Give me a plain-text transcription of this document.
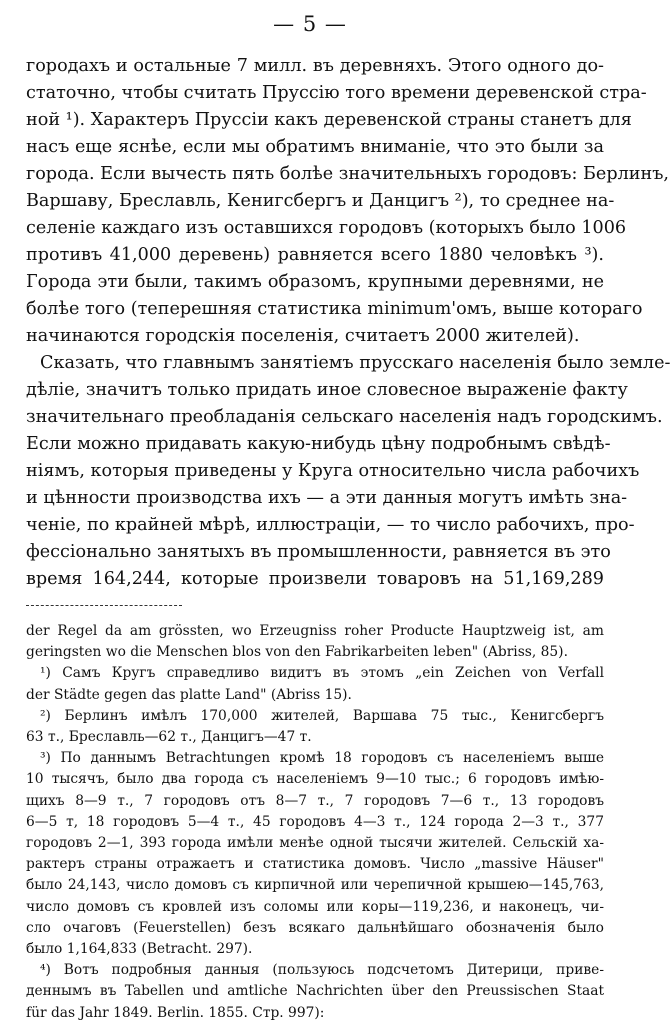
— 5 —
городахъ и остальные 7 милл. въ деревняхъ. Этого одного до-
статочно, чтобы считать Пруссію того времени деревенской стра-
ной ¹). Характеръ Пруссіи какъ деревенской страны станетъ для
насъ еще яснѣе, если мы обратимъ вниманіе, что это были за
города. Если вычесть пять болѣе значительныхъ городовъ: Берлинъ,
Варшаву, Бреславль, Кенигсбергъ и Данцигъ ²), то среднее на-
селеніе каждаго изъ оставшихся городовъ (которыхъ было 1006
противъ 41,000 деревень) равняется всего 1880 человѣкъ ³).
Города эти были, такимъ образомъ, крупными деревнями, не
болѣе того (теперешняя статистика minimum'омъ, выше котораго
начинаются городскія поселенія, считаетъ 2000 жителей).
Сказать, что главнымъ занятіемъ прусскаго населенія было земле-
дѣліе, значитъ только придать иное словесное выраженіе факту
значительнаго преобладанія сельскаго населенія надъ городскимъ.
Если можно придавать какую-нибудь цѣну подробнымъ свѣдѣ-
ніямъ, которыя приведены у Круга относительно числа рабочихъ
и цѣнности производства ихъ — а эти данныя могутъ имѣть зна-
ченіе, по крайней мѣрѣ, иллюстраціи, — то число рабочихъ, про-
фессіонально занятыхъ въ промышленности, равняется въ это
время 164,244, которые произвели товаровъ на 51,169,289
der Regel da am grössten, wo Erzeugniss roher Producte Hauptzweig ist, am
geringsten wo die Menschen blos von den Fabrikarbeiten leben" (Abriss, 85).
¹) Самъ Кругъ справедливо видитъ въ этомъ „ein Zeichen von Verfall
der Städte gegen das platte Land" (Abriss 15).
²) Берлинъ имѣлъ 170,000 жителей, Варшава 75 тыс., Кенигсбергъ
63 т., Бреславль—62 т., Данцигъ—47 т.
³) По даннымъ Betrachtungen кромѣ 18 городовъ съ населеніемъ выше
10 тысячъ, было два города съ населеніемъ 9—10 тыс.; 6 городовъ имѣю-
щихъ 8—9 т., 7 городовъ отъ 8—7 т., 7 городовъ 7—6 т., 13 городовъ
6—5 т, 18 городовъ 5—4 т., 45 городовъ 4—3 т., 124 города 2—3 т., 377
городовъ 2—1, 393 города имѣли менѣе одной тысячи жителей. Сельскій ха-
рактеръ страны отражаетъ и статистика домовъ. Число „massive Häuser"
было 24,143, число домовъ съ кирпичной или черепичной крышею—145,763,
число домовъ съ кровлей изъ соломы или коры—119,236, и наконецъ, чи-
сло очаговъ (Feuerstellen) безъ всякаго дальнѣйшаго обозначенія было
было 1,164,833 (Betracht. 297).
⁴) Вотъ подробныя данныя (пользуюсь подсчетомъ Дитерици, приве-
деннымъ въ Tabellen und amtliche Nachrichten über den Preussischen Staat
für das Jahr 1849. Berlin. 1855. Стр. 997):
